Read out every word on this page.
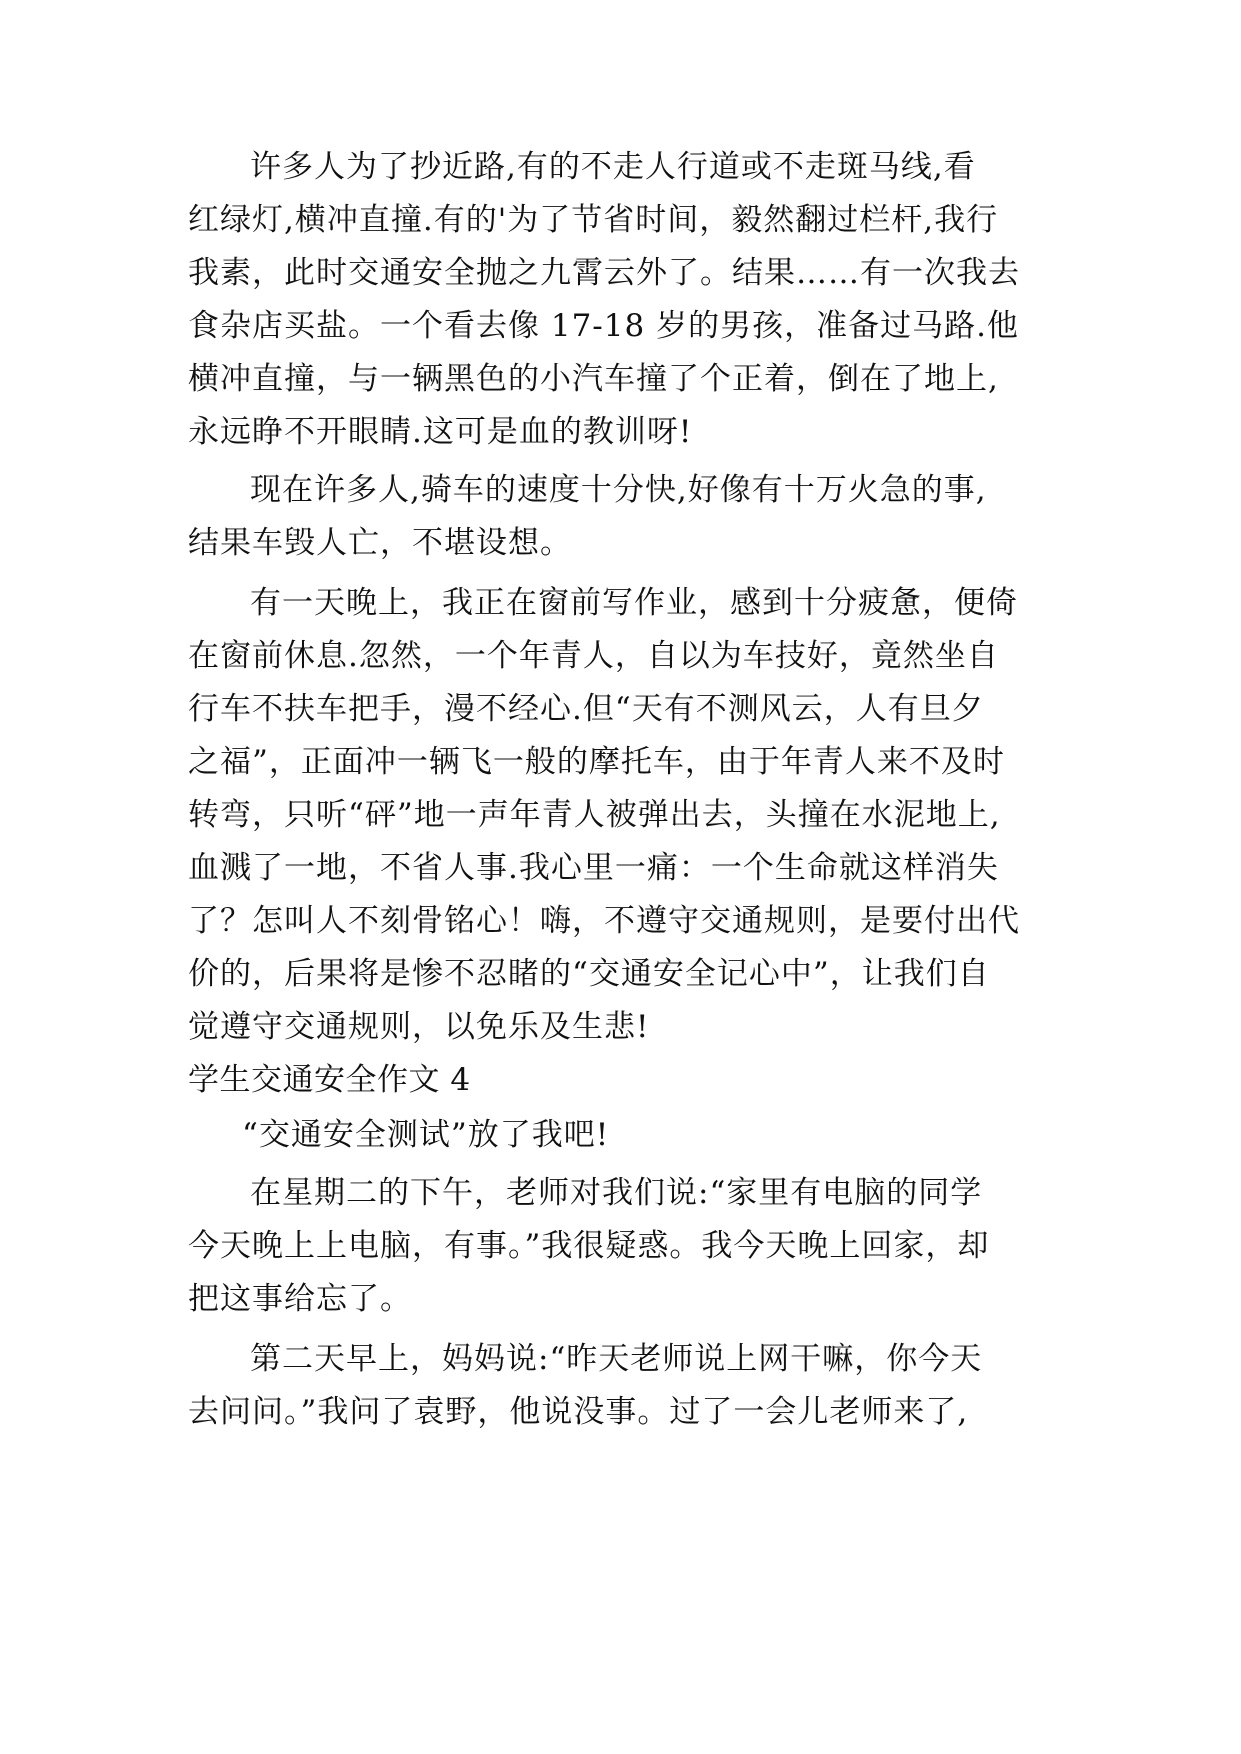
许多人为了抄近路,有的不走人行道或不走斑马线,看
红绿灯,横冲直撞.有的'为了节省时间，毅然翻过栏杆,我行
我素，此时交通安全抛之九霄云外了。结果……有一次我去
食杂店买盐。一个看去像 17-18 岁的男孩，准备过马路.他
横冲直撞，与一辆黑色的小汽车撞了个正着，倒在了地上,
永远睁不开眼睛.这可是血的教训呀!
现在许多人,骑车的速度十分快,好像有十万火急的事,
结果车毁人亡，不堪设想。
有一天晚上，我正在窗前写作业，感到十分疲惫，便倚
在窗前休息.忽然，一个年青人，自以为车技好，竟然坐自
行车不扶车把手，漫不经心.但“天有不测风云，人有旦夕
之福”，正面冲一辆飞一般的摩托车，由于年青人来不及时
转弯，只听“砰”地一声年青人被弹出去，头撞在水泥地上,
血溅了一地，不省人事.我心里一痛：一个生命就这样消失
了？怎叫人不刻骨铭心！嗨，不遵守交通规则，是要付出代
价的，后果将是惨不忍睹的“交通安全记心中”，让我们自
觉遵守交通规则，以免乐及生悲!
学生交通安全作文 4
“交通安全测试”放了我吧!
在星期二的下午，老师对我们说:“家里有电脑的同学
今天晚上上电脑，有事。”我很疑惑。我今天晚上回家，却
把这事给忘了。
第二天早上，妈妈说:“昨天老师说上网干嘛，你今天
去问问。”我问了袁野，他说没事。过了一会儿老师来了,
